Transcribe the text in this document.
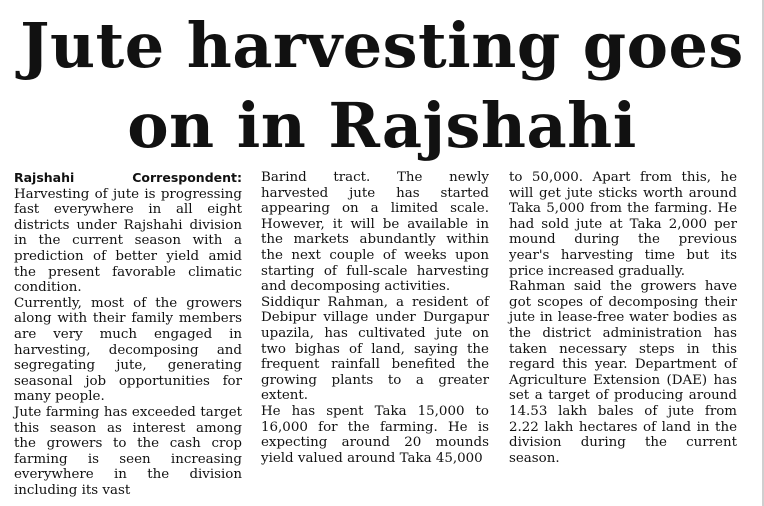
Jute harvesting goes
on in Rajshahi

Rajshahi Correspondent: Harvesting of jute is progressing fast everywhere in all eight districts under Rajshahi division in the current season with a prediction of better yield amid the present favorable climatic condition.

Currently, most of the growers along with their family members are very much engaged in harvesting, decomposing and segregating jute, generating seasonal job opportunities for many people.

Jute farming has exceeded target this season as interest among the growers to the cash crop farming is seen increasing everywhere in the division including its vast

Barind tract. The newly harvested jute has started appearing on a limited scale. However, it will be available in the markets abundantly within the next couple of weeks upon starting of full-scale harvesting and decomposing activities.

Siddiqur Rahman, a resident of Debipur village under Durgapur upazila, has cultivated jute on two bighas of land, saying the frequent rainfall benefited the growing plants to a greater extent.

He has spent Taka 15,000 to 16,000 for the farming. He is expecting around 20 mounds yield valued around Taka 45,000

to 50,000. Apart from this, he will get jute sticks worth around Taka 5,000 from the farming. He had sold jute at Taka 2,000 per mound during the previous year's harvesting time but its price increased gradually.

Rahman said the growers have got scopes of decomposing their jute in lease-free water bodies as the district administration has taken necessary steps in this regard this year. Department of Agriculture Extension (DAE) has set a target of producing around 14.53 lakh bales of jute from 2.22 lakh hectares of land in the division during the current season.
